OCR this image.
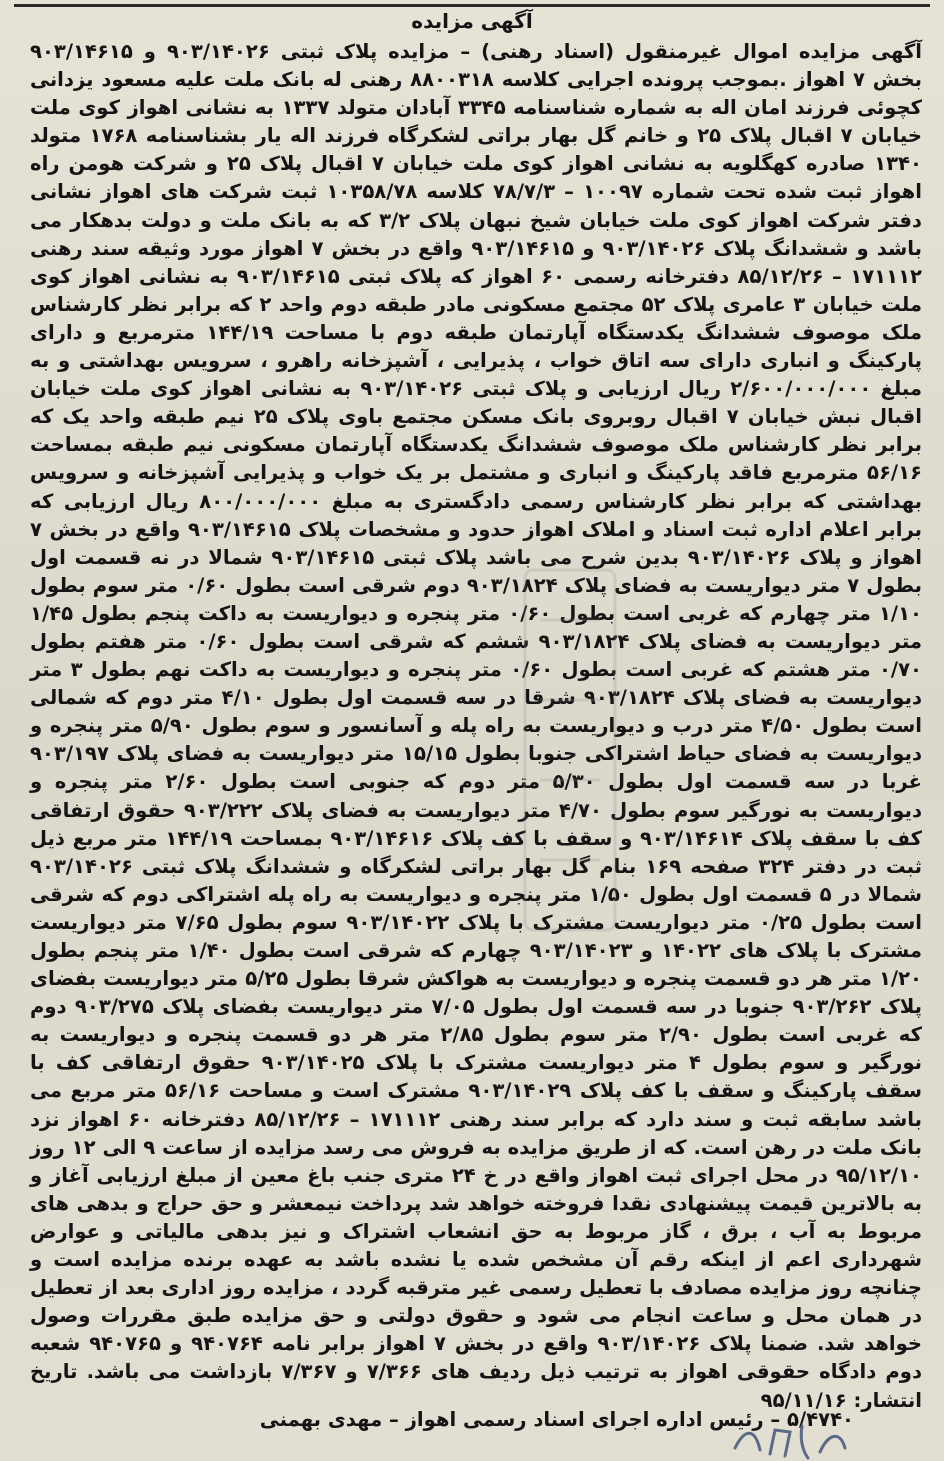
آگهی مزایده
آگهی مزایده اموال غیرمنقول (اسناد رهنی) – مزایده پلاک ثبتی ۹۰۳/۱۴۰۲۶ و ۹۰۳/۱۴۶۱۵ بخش ۷ اهواز .بموجب پرونده اجرایی کلاسه ۸۸۰۰۳۱۸ رهنی له بانک ملت علیه مسعود یزدانی کچوئی فرزند امان اله به شماره شناسنامه ۳۳۴۵ آبادان متولد ۱۳۳۷ به نشانی اهواز کوی ملت خیابان ۷ اقبال پلاک ۲۵ و خانم گل بهار براتی لشکرگاه فرزند اله یار بشناسنامه ۱۷۶۸ متولد ۱۳۴۰ صادره کهگلویه به نشانی اهواز کوی ملت خیابان ۷ اقبال پلاک ۲۵ و شرکت هومن راه اهواز ثبت شده تحت شماره ۱۰۰۹۷ – ۷۸/۷/۳ کلاسه ۱۰۳۵۸/۷۸ ثبت شرکت های اهواز نشانی دفتر شرکت اهواز کوی ملت خیابان شیخ نبهان پلاک ۳/۲ که به بانک ملت و دولت بدهکار می باشد و ششدانگ پلاک ۹۰۳/۱۴۰۲۶ و ۹۰۳/۱۴۶۱۵ واقع در بخش ۷ اهواز مورد وثیقه سند رهنی ۱۷۱۱۱۲ – ۸۵/۱۲/۲۶ دفترخانه رسمی ۶۰ اهواز که پلاک ثبتی ۹۰۳/۱۴۶۱۵ به نشانی اهواز کوی ملت خیابان ۳ عامری پلاک ۵۲ مجتمع مسکونی مادر طبقه دوم واحد ۲ که برابر نظر کارشناس ملک موصوف ششدانگ یکدستگاه آپارتمان طبقه دوم با مساحت ۱۴۴/۱۹ مترمربع و دارای پارکینگ و انباری دارای سه اتاق خواب ، پذیرایی ، آشپزخانه راهرو ، سرویس بهداشتی و به مبلغ ۲/۶۰۰/۰۰۰/۰۰۰ ریال ارزیابی و پلاک ثبتی ۹۰۳/۱۴۰۲۶ به نشانی اهواز کوی ملت خیابان اقبال نبش خیابان ۷ اقبال روبروی بانک مسکن مجتمع باوی پلاک ۲۵ نیم طبقه واحد یک که برابر نظر کارشناس ملک موصوف ششدانگ یکدستگاه آپارتمان مسکونی نیم طبقه بمساحت ۵۶/۱۶ مترمربع فاقد پارکینگ و انباری و مشتمل بر یک خواب و پذیرایی آشپزخانه و سرویس بهداشتی که برابر نظر کارشناس رسمی دادگستری به مبلغ ۸۰۰/۰۰۰/۰۰۰ ریال ارزیابی که برابر اعلام اداره ثبت اسناد و املاک اهواز حدود و مشخصات پلاک ۹۰۳/۱۴۶۱۵ واقع در بخش ۷ اهواز و پلاک ۹۰۳/۱۴۰۲۶ بدین شرح می باشد پلاک ثبتی ۹۰۳/۱۴۶۱۵ شمالا در نه قسمت اول بطول ۷ متر دیواریست به فضای پلاک ۹۰۳/۱۸۲۴ دوم شرقی است بطول ۰/۶۰ متر سوم بطول ۱/۱۰ متر چهارم که غربی است بطول ۰/۶۰ متر پنجره و دیواریست به داکت پنجم بطول ۱/۴۵ متر دیواریست به فضای پلاک ۹۰۳/۱۸۲۴ ششم که شرقی است بطول ۰/۶۰ متر هفتم بطول ۰/۷۰ متر هشتم که غربی است بطول ۰/۶۰ متر پنجره و دیواریست به داکت نهم بطول ۳ متر دیواریست به فضای پلاک ۹۰۳/۱۸۲۴ شرقا در سه قسمت اول بطول ۴/۱۰ متر دوم که شمالی است بطول ۴/۵۰ متر درب و دیواریست به راه پله و آسانسور و سوم بطول ۵/۹۰ متر پنجره و دیواریست به فضای حیاط اشتراکی جنوبا بطول ۱۵/۱۵ متر دیواریست به فضای پلاک ۹۰۳/۱۹۷ غربا در سه قسمت اول بطول ۵/۳۰ متر دوم که جنوبی است بطول ۲/۶۰ متر پنجره و دیواریست به نورگیر سوم بطول ۴/۷۰ متر دیواریست به فضای پلاک ۹۰۳/۲۲۲ حقوق ارتفاقی کف با سقف پلاک ۹۰۳/۱۴۶۱۴ و سقف با کف پلاک ۹۰۳/۱۴۶۱۶ بمساحت ۱۴۴/۱۹ متر مربع ذیل ثبت در دفتر ۳۲۴ صفحه ۱۶۹ بنام گل بهار براتی لشکرگاه و ششدانگ پلاک ثبتی ۹۰۳/۱۴۰۲۶ شمالا در ۵ قسمت اول بطول ۱/۵۰ متر پنجره و دیواریست به راه پله اشتراکی دوم که شرقی است بطول ۰/۲۵ متر دیواریست مشترک با پلاک ۹۰۳/۱۴۰۲۲ سوم بطول ۷/۶۵ متر دیواریست مشترک با پلاک های ۱۴۰۲۲ و ۹۰۳/۱۴۰۲۳ چهارم که شرقی است بطول ۱/۴۰ متر پنجم بطول ۱/۲۰ متر هر دو قسمت پنجره و دیواریست به هواکش شرقا بطول ۵/۲۵ متر دیواریست بفضای پلاک ۹۰۳/۲۶۲ جنوبا در سه قسمت اول بطول ۷/۰۵ متر دیواریست بفضای پلاک ۹۰۳/۲۷۵ دوم که غربی است بطول ۲/۹۰ متر سوم بطول ۲/۸۵ متر هر دو قسمت پنجره و دیواریست به نورگیر و سوم بطول ۴ متر دیواریست مشترک با پلاک ۹۰۳/۱۴۰۲۵ حقوق ارتفاقی کف با سقف پارکینگ و سقف با کف پلاک ۹۰۳/۱۴۰۲۹ مشترک است و مساحت ۵۶/۱۶ متر مربع می باشد سابقه ثبت و سند دارد که برابر سند رهنی ۱۷۱۱۱۲ – ۸۵/۱۲/۲۶ دفترخانه ۶۰ اهواز نزد بانک ملت در رهن است. که از طریق مزایده به فروش می رسد مزایده از ساعت ۹ الی ۱۲ روز ۹۵/۱۲/۱۰ در محل اجرای ثبت اهواز واقع در خ ۲۴ متری جنب باغ معین از مبلغ ارزیابی آغاز و به بالاترین قیمت پیشنهادی نقدا فروخته خواهد شد پرداخت نیمعشر و حق حراج و بدهی های مربوط به آب ، برق ، گاز مربوط به حق انشعاب اشتراک و نیز بدهی مالیاتی و عوارض شهرداری اعم از اینکه رقم آن مشخص شده یا نشده باشد به عهده برنده مزایده است و چنانچه روز مزایده مصادف با تعطیل رسمی غیر مترقبه گردد ، مزایده روز اداری بعد از تعطیل در همان محل و ساعت انجام می شود و حقوق دولتی و حق مزایده طبق مقررات وصول خواهد شد. ضمنا پلاک ۹۰۳/۱۴۰۲۶ واقع در بخش ۷ اهواز برابر نامه ۹۴۰۷۶۴ و ۹۴۰۷۶۵ شعبه دوم دادگاه حقوقی اهواز به ترتیب ذیل ردیف های ۷/۳۶۶ و ۷/۳۶۷ بازداشت می باشد. تاریخ انتشار: ۹۵/۱۱/۱۶
۵/۴۷۴۰ – رئیس اداره اجرای اسناد رسمی اهواز – مهدی بهمنی
